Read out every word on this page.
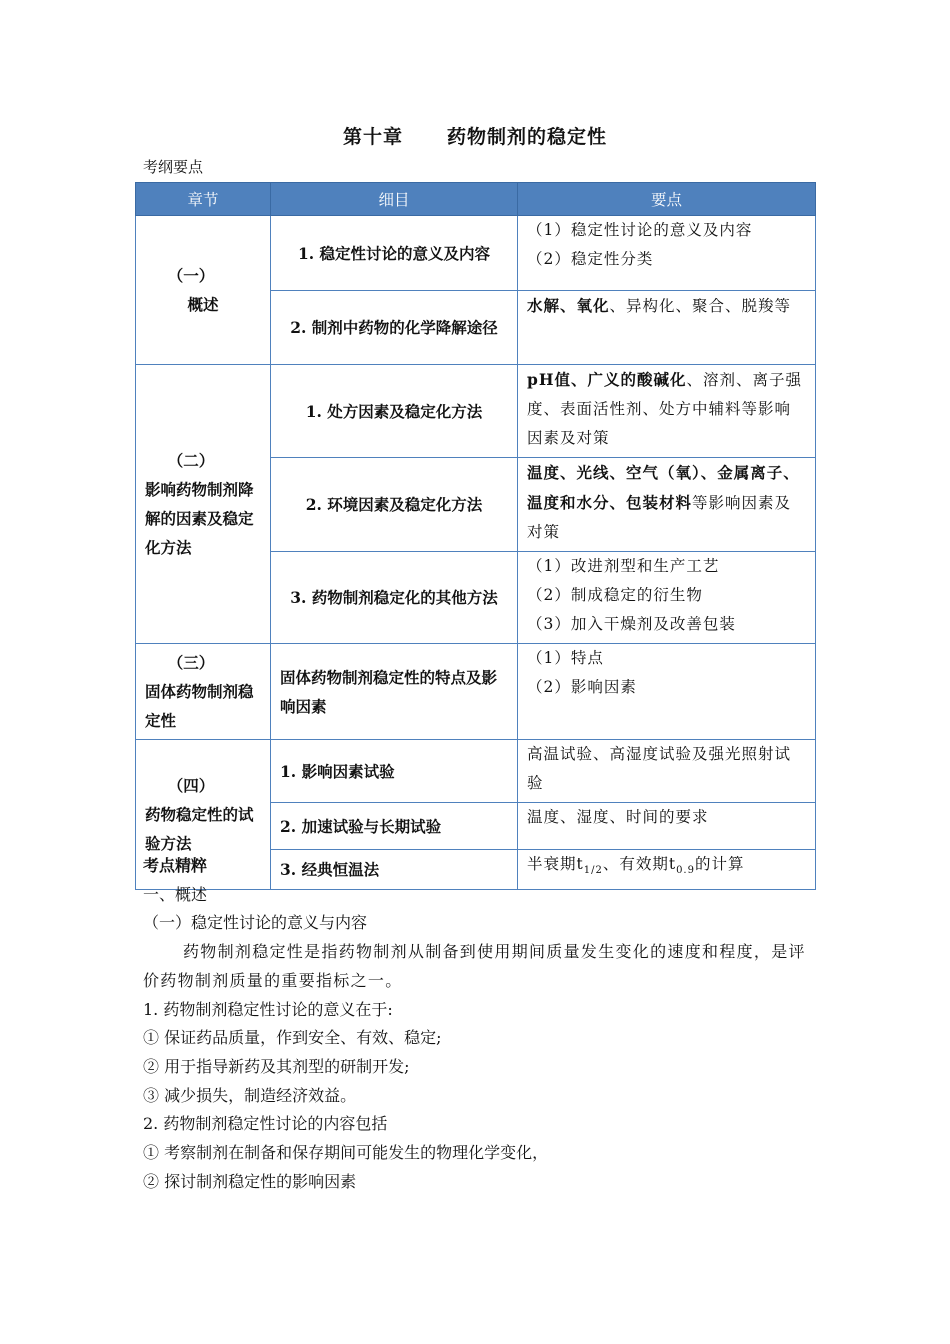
第十章 药物制剂的稳定性
考纲要点
章节	细目	要点

（一）
概述	1. 稳定性讨论的意义及内容	（1）稳定性讨论的意义及内容
（2）稳定性分类

	2. 制剂中药物的化学降解途径	水解、氧化、异构化、聚合、脱羧等

（二）
影响药物制剂降解的因素及稳定化方法	1. 处方因素及稳定化方法	pH值、广义的酸碱化、溶剂、离子强度、表面活性剂、处方中辅料等影响因素及对策
	2. 环境因素及稳定化方法	温度、光线、空气（氧）、金属离子、温度和水分、包装材料等影响因素及对策
	3. 药物制剂稳定化的其他方法	（1）改进剂型和生产工艺
（2）制成稳定的衍生物
（3）加入干燥剂及改善包装

（三）
固体药物制剂稳定性	固体药物制剂稳定性的特点及影响因素	（1）特点
（2）影响因素

（四）
药物稳定性的试验方法	1. 影响因素试验	高温试验、高湿度试验及强光照射试验
	2. 加速试验与长期试验	温度、湿度、时间的要求
	3. 经典恒温法	半衰期$t_{1/2}$、有效期$t_{0.9}$的计算
考点精粹
一、概述
（一）稳定性讨论的意义与内容
药物制剂稳定性是指药物制剂从制备到使用期间质量发生变化的速度和程度，是评价药物制剂质量的重要指标之一。
1. 药物制剂稳定性讨论的意义在于:
① 保证药品质量，作到安全、有效、稳定;
② 用于指导新药及其剂型的研制开发;
③ 减少损失，制造经济效益。
2. 药物制剂稳定性讨论的内容包括
① 考察制剂在制备和保存期间可能发生的物理化学变化，
② 探讨制剂稳定性的影响因素
